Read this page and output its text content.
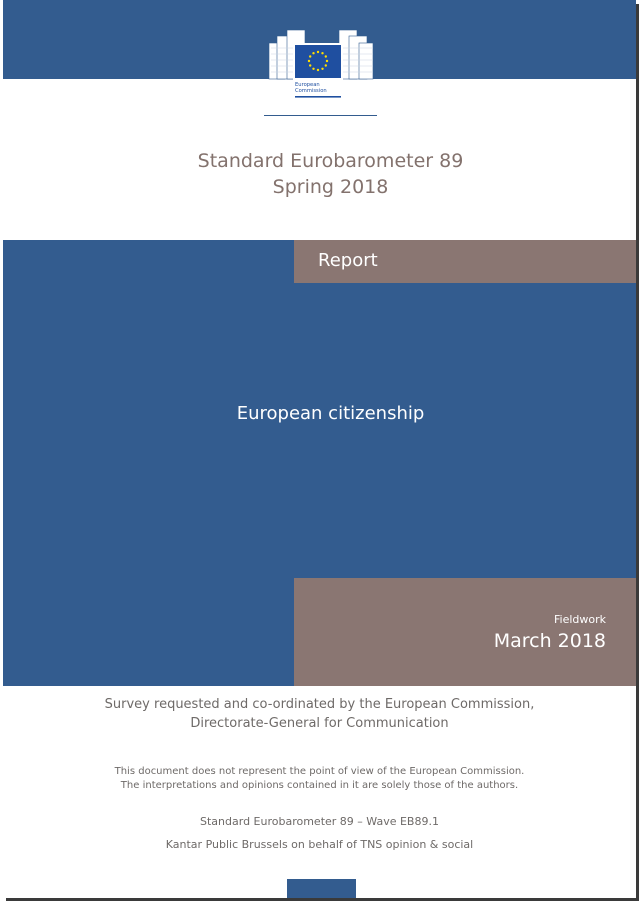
European
Commission
Standard Eurobarometer 89
Spring 2018
Report
European citizenship
Fieldwork
March 2018
Survey requested and co-ordinated by the European Commission,
Directorate-General for Communication
This document does not represent the point of view of the European Commission.
The interpretations and opinions contained in it are solely those of the authors.
Standard Eurobarometer 89 – Wave EB89.1
Kantar Public Brussels on behalf of TNS opinion & social
